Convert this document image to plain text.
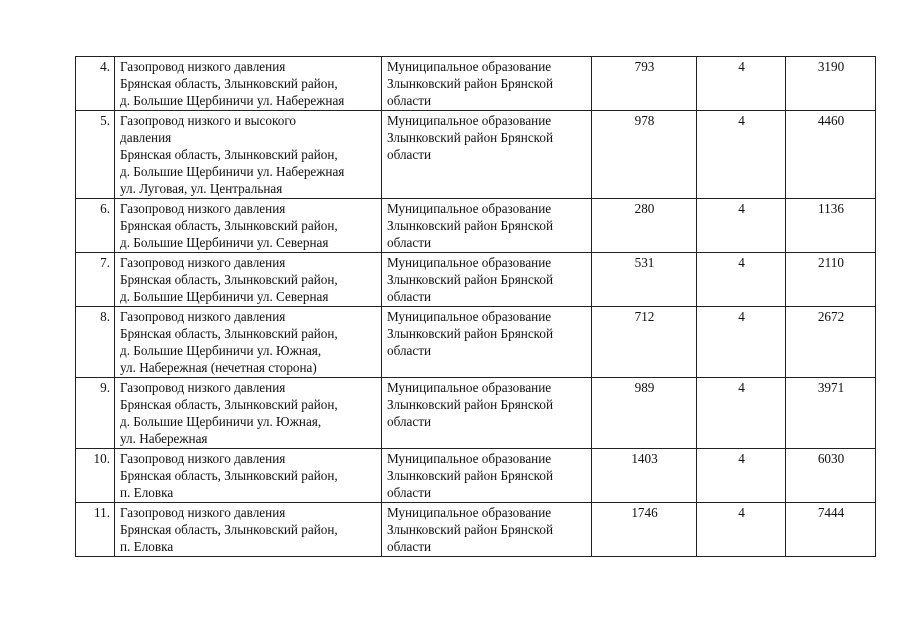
4.	Газопровод низкого давления
Брянская область, Злынковский район,
д. Большие Щербиничи ул. Набережная	Муниципальное образование
Злынковский район Брянской
области	793	4	3190
5.	Газопровод низкого и высокого
давления
Брянская область, Злынковский район,
д. Большие Щербиничи ул. Набережная
ул. Луговая, ул. Центральная	Муниципальное образование
Злынковский район Брянской
области	978	4	4460
6.	Газопровод низкого давления
Брянская область, Злынковский район,
д. Большие Щербиничи ул. Северная	Муниципальное образование
Злынковский район Брянской
области	280	4	1136
7.	Газопровод низкого давления
Брянская область, Злынковский район,
д. Большие Щербиничи ул. Северная	Муниципальное образование
Злынковский район Брянской
области	531	4	2110
8.	Газопровод низкого давления
Брянская область, Злынковский район,
д. Большие Щербиничи ул. Южная,
ул. Набережная (нечетная сторона)	Муниципальное образование
Злынковский район Брянской
области	712	4	2672
9.	Газопровод низкого давления
Брянская область, Злынковский район,
д. Большие Щербиничи ул. Южная,
ул. Набережная	Муниципальное образование
Злынковский район Брянской
области	989	4	3971
10.	Газопровод низкого давления
Брянская область, Злынковский район,
п. Еловка	Муниципальное образование
Злынковский район Брянской
области	1403	4	6030
11.	Газопровод низкого давления
Брянская область, Злынковский район,
п. Еловка	Муниципальное образование
Злынковский район Брянской
области	1746	4	7444
